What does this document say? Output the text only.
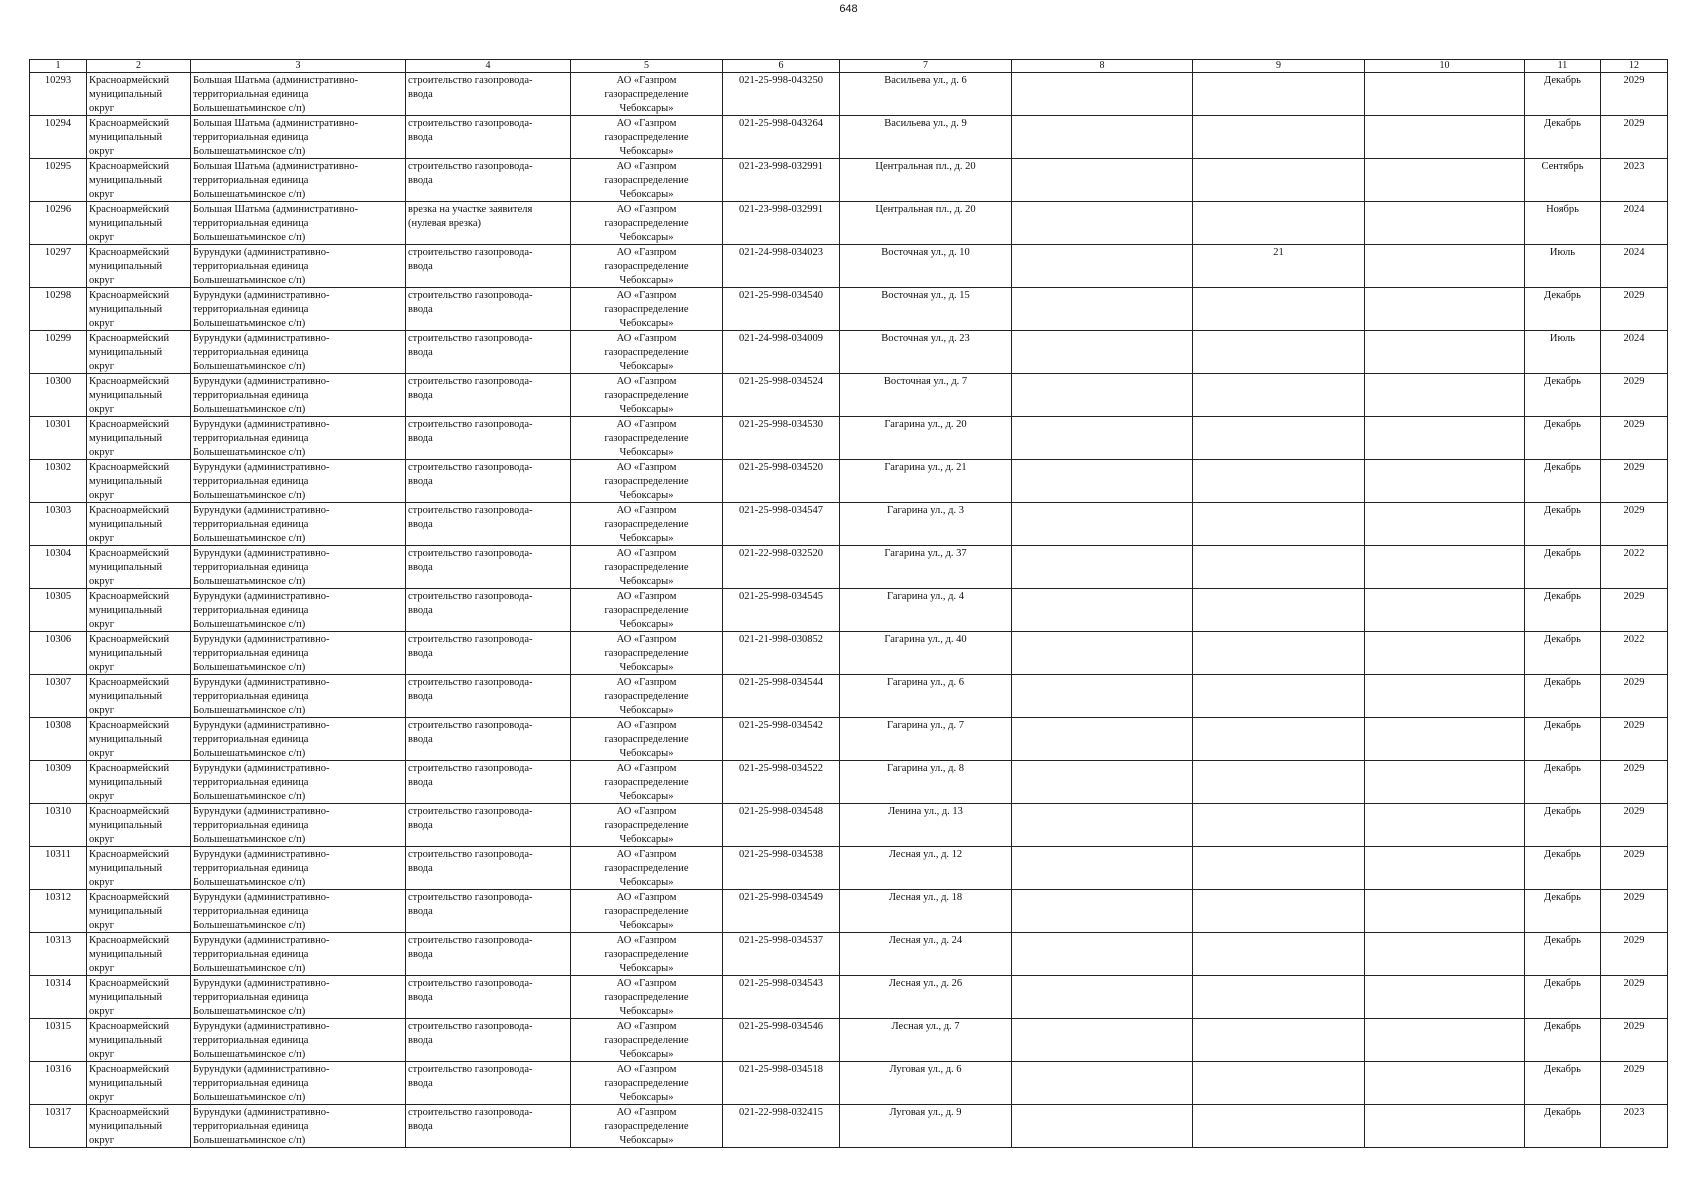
648
1	2	3	4	5	6	7	8	9	10	11	12
10293	Красноармейский
муниципальный
округ	Большая Шатьма (административно-
территориальная единица
Большешатьминское с/п)	строительство газопровода-
ввода	АО «Газпром
газораспределение
Чебоксары»	021-25-998-043250	Васильева ул., д. 6				Декабрь	2029
10294	Красноармейский
муниципальный
округ	Большая Шатьма (административно-
территориальная единица
Большешатьминское с/п)	строительство газопровода-
ввода	АО «Газпром
газораспределение
Чебоксары»	021-25-998-043264	Васильева ул., д. 9				Декабрь	2029
10295	Красноармейский
муниципальный
округ	Большая Шатьма (административно-
территориальная единица
Большешатьминское с/п)	строительство газопровода-
ввода	АО «Газпром
газораспределение
Чебоксары»	021-23-998-032991	Центральная пл., д. 20				Сентябрь	2023
10296	Красноармейский
муниципальный
округ	Большая Шатьма (административно-
территориальная единица
Большешатьминское с/п)	врезка на участке заявителя
(нулевая врезка)	АО «Газпром
газораспределение
Чебоксары»	021-23-998-032991	Центральная пл., д. 20				Ноябрь	2024
10297	Красноармейский
муниципальный
округ	Бурундуки (административно-
территориальная единица
Большешатьминское с/п)	строительство газопровода-
ввода	АО «Газпром
газораспределение
Чебоксары»	021-24-998-034023	Восточная ул., д. 10		21		Июль	2024
10298	Красноармейский
муниципальный
округ	Бурундуки (административно-
территориальная единица
Большешатьминское с/п)	строительство газопровода-
ввода	АО «Газпром
газораспределение
Чебоксары»	021-25-998-034540	Восточная ул., д. 15				Декабрь	2029
10299	Красноармейский
муниципальный
округ	Бурундуки (административно-
территориальная единица
Большешатьминское с/п)	строительство газопровода-
ввода	АО «Газпром
газораспределение
Чебоксары»	021-24-998-034009	Восточная ул., д. 23				Июль	2024
10300	Красноармейский
муниципальный
округ	Бурундуки (административно-
территориальная единица
Большешатьминское с/п)	строительство газопровода-
ввода	АО «Газпром
газораспределение
Чебоксары»	021-25-998-034524	Восточная ул., д. 7				Декабрь	2029
10301	Красноармейский
муниципальный
округ	Бурундуки (административно-
территориальная единица
Большешатьминское с/п)	строительство газопровода-
ввода	АО «Газпром
газораспределение
Чебоксары»	021-25-998-034530	Гагарина ул., д. 20				Декабрь	2029
10302	Красноармейский
муниципальный
округ	Бурундуки (административно-
территориальная единица
Большешатьминское с/п)	строительство газопровода-
ввода	АО «Газпром
газораспределение
Чебоксары»	021-25-998-034520	Гагарина ул., д. 21				Декабрь	2029
10303	Красноармейский
муниципальный
округ	Бурундуки (административно-
территориальная единица
Большешатьминское с/п)	строительство газопровода-
ввода	АО «Газпром
газораспределение
Чебоксары»	021-25-998-034547	Гагарина ул., д. 3				Декабрь	2029
10304	Красноармейский
муниципальный
округ	Бурундуки (административно-
территориальная единица
Большешатьминское с/п)	строительство газопровода-
ввода	АО «Газпром
газораспределение
Чебоксары»	021-22-998-032520	Гагарина ул., д. 37				Декабрь	2022
10305	Красноармейский
муниципальный
округ	Бурундуки (административно-
территориальная единица
Большешатьминское с/п)	строительство газопровода-
ввода	АО «Газпром
газораспределение
Чебоксары»	021-25-998-034545	Гагарина ул., д. 4				Декабрь	2029
10306	Красноармейский
муниципальный
округ	Бурундуки (административно-
территориальная единица
Большешатьминское с/п)	строительство газопровода-
ввода	АО «Газпром
газораспределение
Чебоксары»	021-21-998-030852	Гагарина ул., д. 40				Декабрь	2022
10307	Красноармейский
муниципальный
округ	Бурундуки (административно-
территориальная единица
Большешатьминское с/п)	строительство газопровода-
ввода	АО «Газпром
газораспределение
Чебоксары»	021-25-998-034544	Гагарина ул., д. 6				Декабрь	2029
10308	Красноармейский
муниципальный
округ	Бурундуки (административно-
территориальная единица
Большешатьминское с/п)	строительство газопровода-
ввода	АО «Газпром
газораспределение
Чебоксары»	021-25-998-034542	Гагарина ул., д. 7				Декабрь	2029
10309	Красноармейский
муниципальный
округ	Бурундуки (административно-
территориальная единица
Большешатьминское с/п)	строительство газопровода-
ввода	АО «Газпром
газораспределение
Чебоксары»	021-25-998-034522	Гагарина ул., д. 8				Декабрь	2029
10310	Красноармейский
муниципальный
округ	Бурундуки (административно-
территориальная единица
Большешатьминское с/п)	строительство газопровода-
ввода	АО «Газпром
газораспределение
Чебоксары»	021-25-998-034548	Ленина ул., д. 13				Декабрь	2029
10311	Красноармейский
муниципальный
округ	Бурундуки (административно-
территориальная единица
Большешатьминское с/п)	строительство газопровода-
ввода	АО «Газпром
газораспределение
Чебоксары»	021-25-998-034538	Лесная ул., д. 12				Декабрь	2029
10312	Красноармейский
муниципальный
округ	Бурундуки (административно-
территориальная единица
Большешатьминское с/п)	строительство газопровода-
ввода	АО «Газпром
газораспределение
Чебоксары»	021-25-998-034549	Лесная ул., д. 18				Декабрь	2029
10313	Красноармейский
муниципальный
округ	Бурундуки (административно-
территориальная единица
Большешатьминское с/п)	строительство газопровода-
ввода	АО «Газпром
газораспределение
Чебоксары»	021-25-998-034537	Лесная ул., д. 24				Декабрь	2029
10314	Красноармейский
муниципальный
округ	Бурундуки (административно-
территориальная единица
Большешатьминское с/п)	строительство газопровода-
ввода	АО «Газпром
газораспределение
Чебоксары»	021-25-998-034543	Лесная ул., д. 26				Декабрь	2029
10315	Красноармейский
муниципальный
округ	Бурундуки (административно-
территориальная единица
Большешатьминское с/п)	строительство газопровода-
ввода	АО «Газпром
газораспределение
Чебоксары»	021-25-998-034546	Лесная ул., д. 7				Декабрь	2029
10316	Красноармейский
муниципальный
округ	Бурундуки (административно-
территориальная единица
Большешатьминское с/п)	строительство газопровода-
ввода	АО «Газпром
газораспределение
Чебоксары»	021-25-998-034518	Луговая ул., д. 6				Декабрь	2029
10317	Красноармейский
муниципальный
округ	Бурундуки (административно-
территориальная единица
Большешатьминское с/п)	строительство газопровода-
ввода	АО «Газпром
газораспределение
Чебоксары»	021-22-998-032415	Луговая ул., д. 9				Декабрь	2023
